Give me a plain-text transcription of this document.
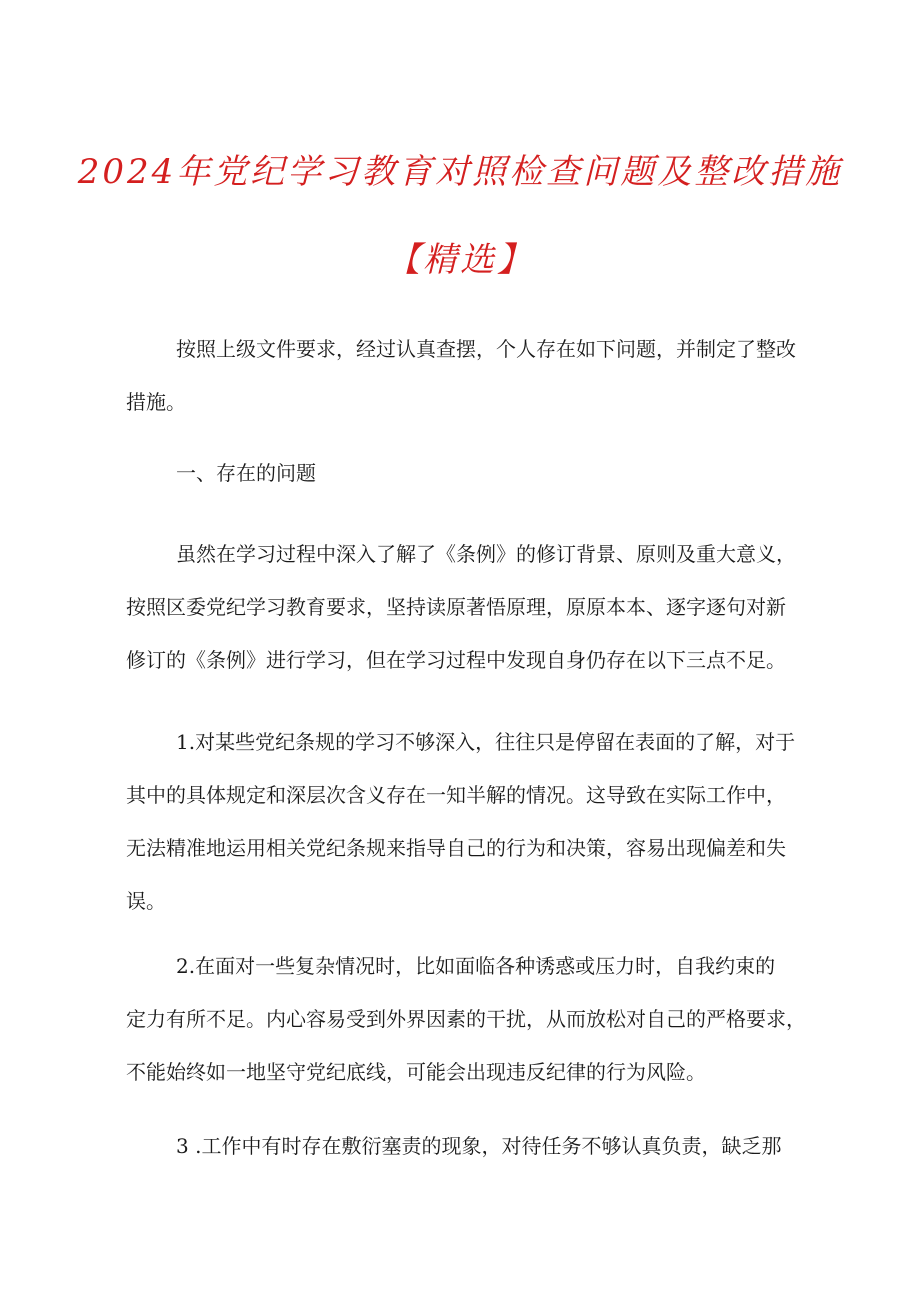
2024年党纪学习教育对照检查问题及整改措施
【精选】
按照上级文件要求，经过认真查摆，个人存在如下问题，并制定了整改
措施。
一、存在的问题
虽然在学习过程中深入了解了《条例》的修订背景、原则及重大意义，
按照区委党纪学习教育要求，坚持读原著悟原理，原原本本、逐字逐句对新
修订的《条例》进行学习，但在学习过程中发现自身仍存在以下三点不足。
1.对某些党纪条规的学习不够深入，往往只是停留在表面的了解，对于
其中的具体规定和深层次含义存在一知半解的情况。这导致在实际工作中，
无法精准地运用相关党纪条规来指导自己的行为和决策，容易出现偏差和失
误。
2.在面对一些复杂情况时，比如面临各种诱惑或压力时，自我约束的
定力有所不足。内心容易受到外界因素的干扰，从而放松对自己的严格要求，
不能始终如一地坚守党纪底线，可能会出现违反纪律的行为风险。
3 .工作中有时存在敷衍塞责的现象，对待任务不够认真负责，缺乏那
